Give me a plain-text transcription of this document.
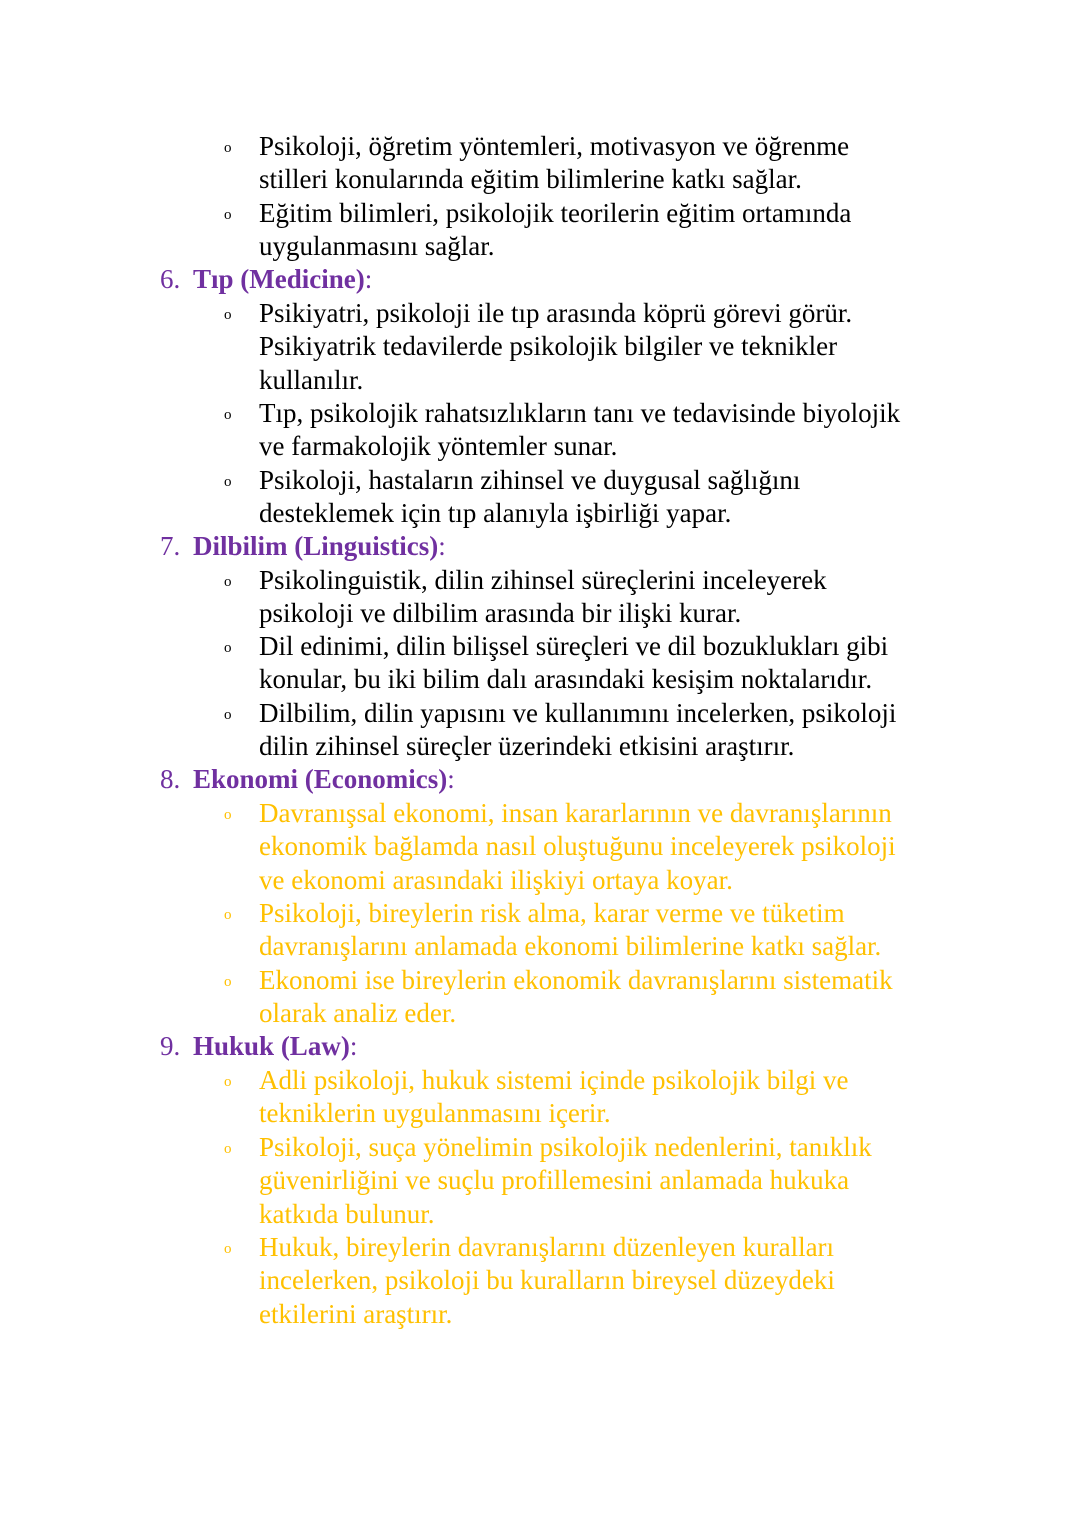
o Psikoloji, öğretim yöntemleri, motivasyon ve öğrenme
stilleri konularında eğitim bilimlerine katkı sağlar.
o Eğitim bilimleri, psikolojik teorilerin eğitim ortamında
uygulanmasını sağlar.
6. Tıp (Medicine):
o Psikiyatri, psikoloji ile tıp arasında köprü görevi görür.
Psikiyatrik tedavilerde psikolojik bilgiler ve teknikler
kullanılır.
o Tıp, psikolojik rahatsızlıkların tanı ve tedavisinde biyolojik
ve farmakolojik yöntemler sunar.
o Psikoloji, hastaların zihinsel ve duygusal sağlığını
desteklemek için tıp alanıyla işbirliği yapar.
7. Dilbilim (Linguistics):
o Psikolinguistik, dilin zihinsel süreçlerini inceleyerek
psikoloji ve dilbilim arasında bir ilişki kurar.
o Dil edinimi, dilin bilişsel süreçleri ve dil bozuklukları gibi
konular, bu iki bilim dalı arasındaki kesişim noktalarıdır.
o Dilbilim, dilin yapısını ve kullanımını incelerken, psikoloji
dilin zihinsel süreçler üzerindeki etkisini araştırır.
8. Ekonomi (Economics):
o Davranışsal ekonomi, insan kararlarının ve davranışlarının
ekonomik bağlamda nasıl oluştuğunu inceleyerek psikoloji
ve ekonomi arasındaki ilişkiyi ortaya koyar.
o Psikoloji, bireylerin risk alma, karar verme ve tüketim
davranışlarını anlamada ekonomi bilimlerine katkı sağlar.
o Ekonomi ise bireylerin ekonomik davranışlarını sistematik
olarak analiz eder.
9. Hukuk (Law):
o Adli psikoloji, hukuk sistemi içinde psikolojik bilgi ve
tekniklerin uygulanmasını içerir.
o Psikoloji, suça yönelimin psikolojik nedenlerini, tanıklık
güvenirliğini ve suçlu profillemesini anlamada hukuka
katkıda bulunur.
o Hukuk, bireylerin davranışlarını düzenleyen kuralları
incelerken, psikoloji bu kuralların bireysel düzeydeki
etkilerini araştırır.
